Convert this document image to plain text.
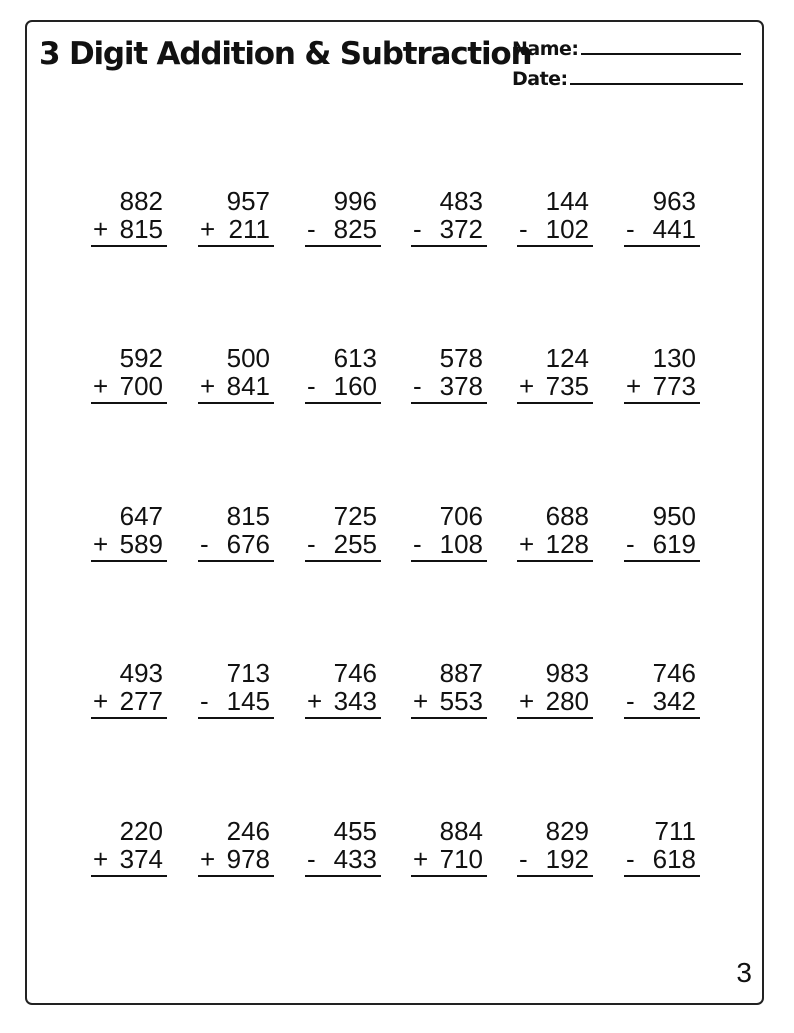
3 Digit Addition & Subtraction
Name:
Date:
882
+ 815
957
+ 211
996
- 825
483
- 372
144
- 102
963
- 441
592
+ 700
500
+ 841
613
- 160
578
- 378
124
+ 735
130
+ 773
647
+ 589
815
- 676
725
- 255
706
- 108
688
+ 128
950
- 619
493
+ 277
713
- 145
746
+ 343
887
+ 553
983
+ 280
746
- 342
220
+ 374
246
+ 978
455
- 433
884
+ 710
829
- 192
711
- 618
3
